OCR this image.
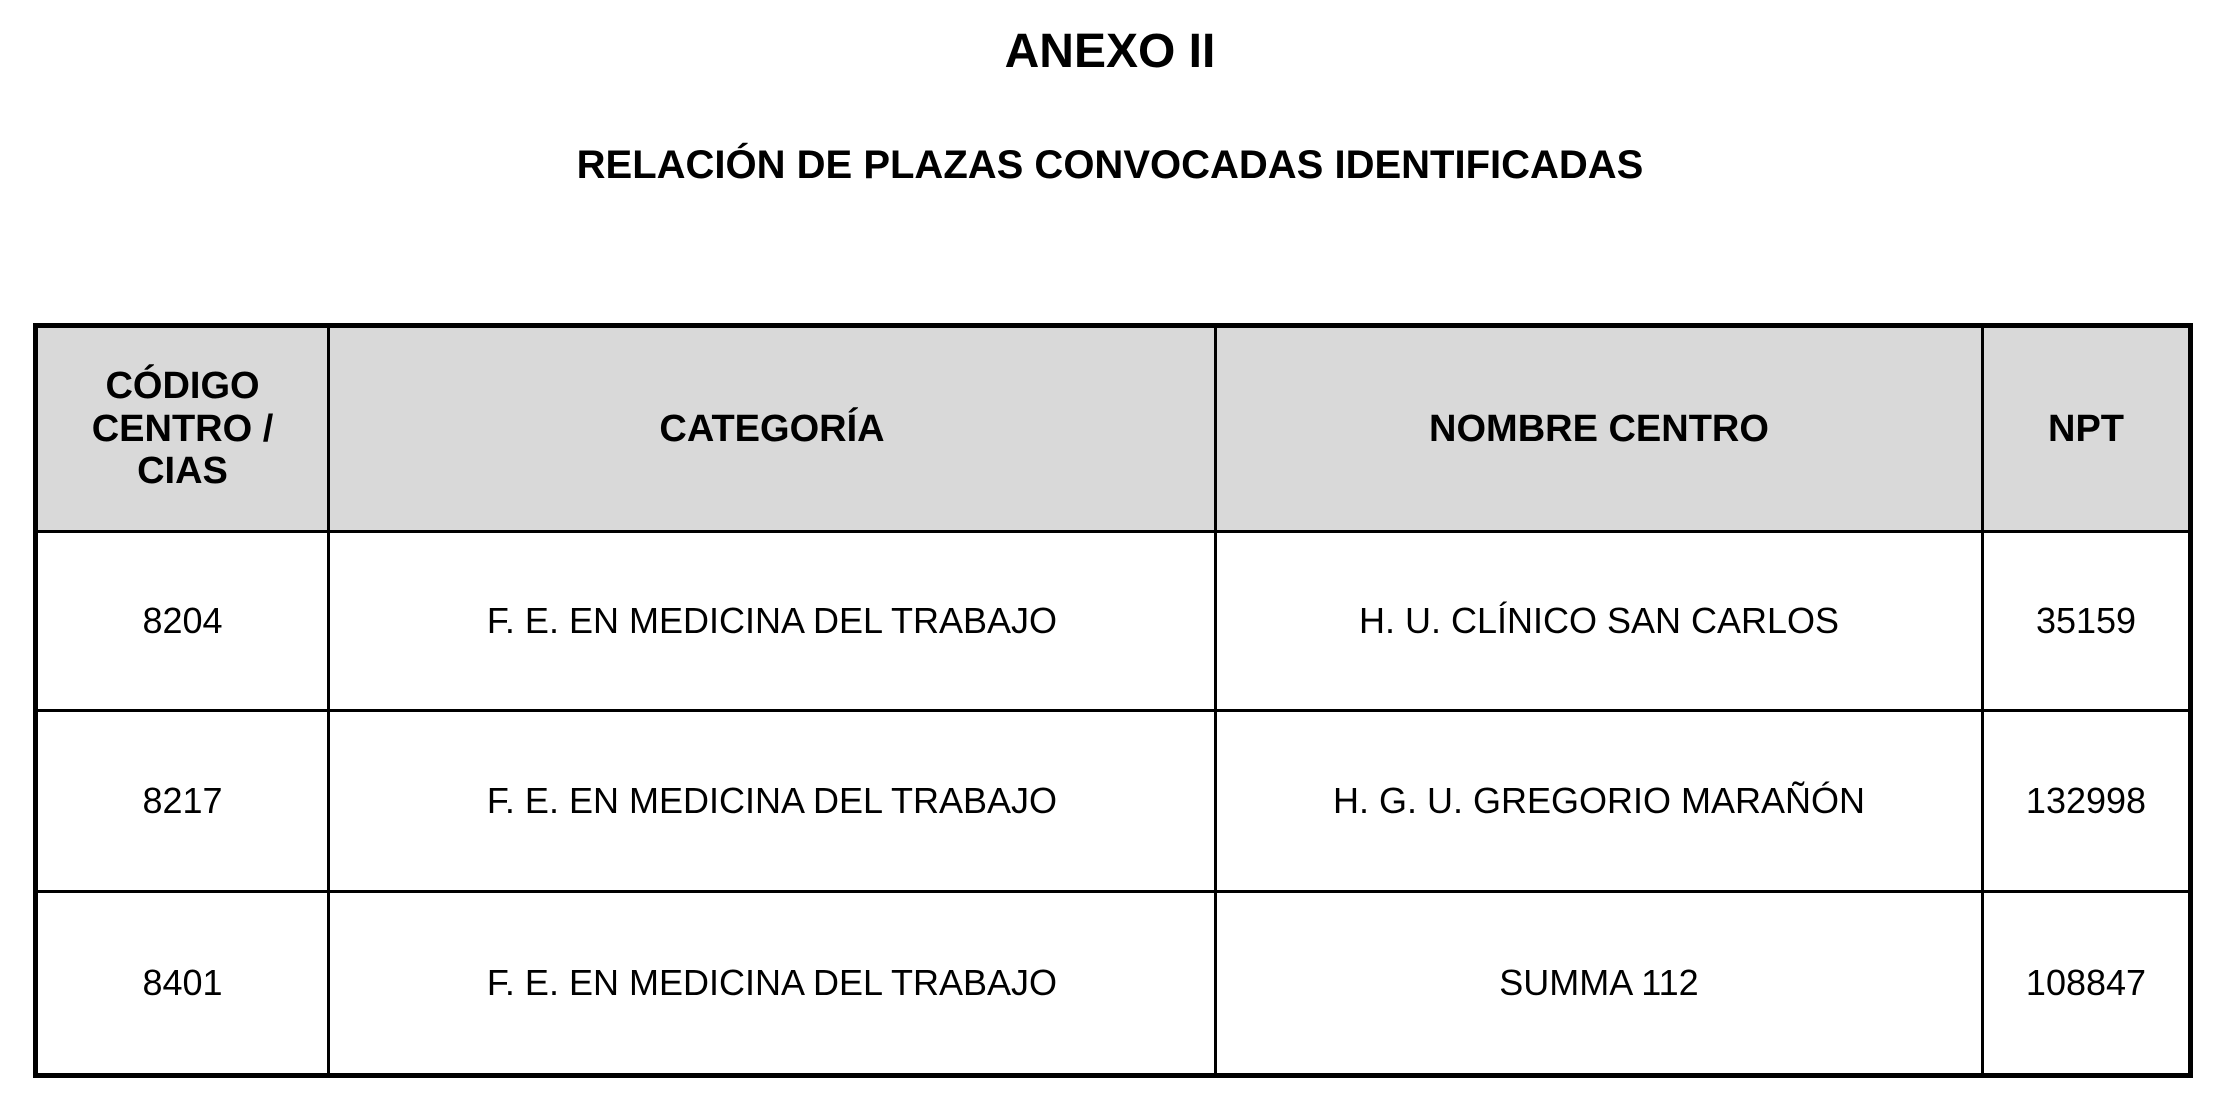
ANEXO II
RELACIÓN DE PLAZAS CONVOCADAS IDENTIFICADAS
CÓDIGO CENTRO / CIAS	CATEGORÍA	NOMBRE CENTRO	NPT
8204	F. E. EN MEDICINA DEL TRABAJO	H. U. CLÍNICO SAN CARLOS	35159
8217	F. E. EN MEDICINA DEL TRABAJO	H. G. U. GREGORIO MARAÑÓN	132998
8401	F. E. EN MEDICINA DEL TRABAJO	SUMMA 112	108847
